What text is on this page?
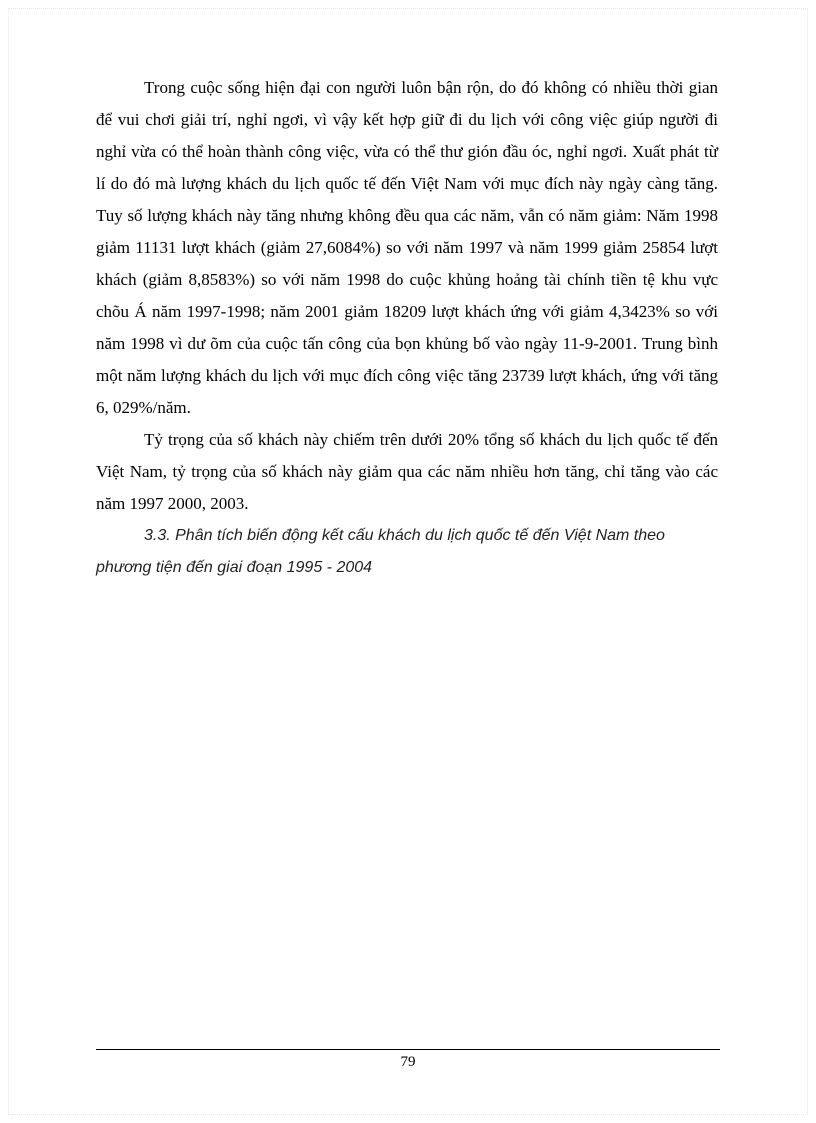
Trong cuộc sống hiện đại con người luôn bận rộn, do đó không có nhiều thời gian để vui chơi giải trí, nghỉ ngơi, vì vậy kết hợp giữ đi du lịch với công việc giúp người đi nghỉ vừa có thể hoàn thành công việc, vừa có thể thư gión đầu óc, nghỉ ngơi. Xuất phát từ lí do đó mà lượng khách du lịch quốc tế đến Việt Nam với mục đích này ngày càng tăng. Tuy số lượng khách này tăng nhưng không đều qua các năm, vẫn có năm giảm: Năm 1998 giảm 11131 lượt khách (giảm 27,6084%) so với năm 1997 và năm 1999 giảm 25854 lượt khách (giảm 8,8583%) so với năm 1998 do cuộc khủng hoảng tài chính tiền tệ khu vực chõu Á năm 1997-1998; năm 2001 giảm 18209 lượt khách ứng với giảm 4,3423% so với năm 1998 vì dư õm của cuộc tấn công của bọn khủng bố vào ngày 11-9-2001. Trung bình một năm lượng khách du lịch với mục đích công việc tăng 23739 lượt khách, ứng với tăng 6, 029%/năm.

Tỷ trọng của số khách này chiếm trên dưới 20% tổng số khách du lịch quốc tế đến Việt Nam, tỷ trọng của số khách này giảm qua các năm nhiều hơn tăng, chỉ tăng vào các năm 1997 2000, 2003.

3.3. Phân tích biến động kết cấu khách du lịch quốc tế đến Việt Nam theo phương tiện đến giai đoạn 1995 - 2004

79
